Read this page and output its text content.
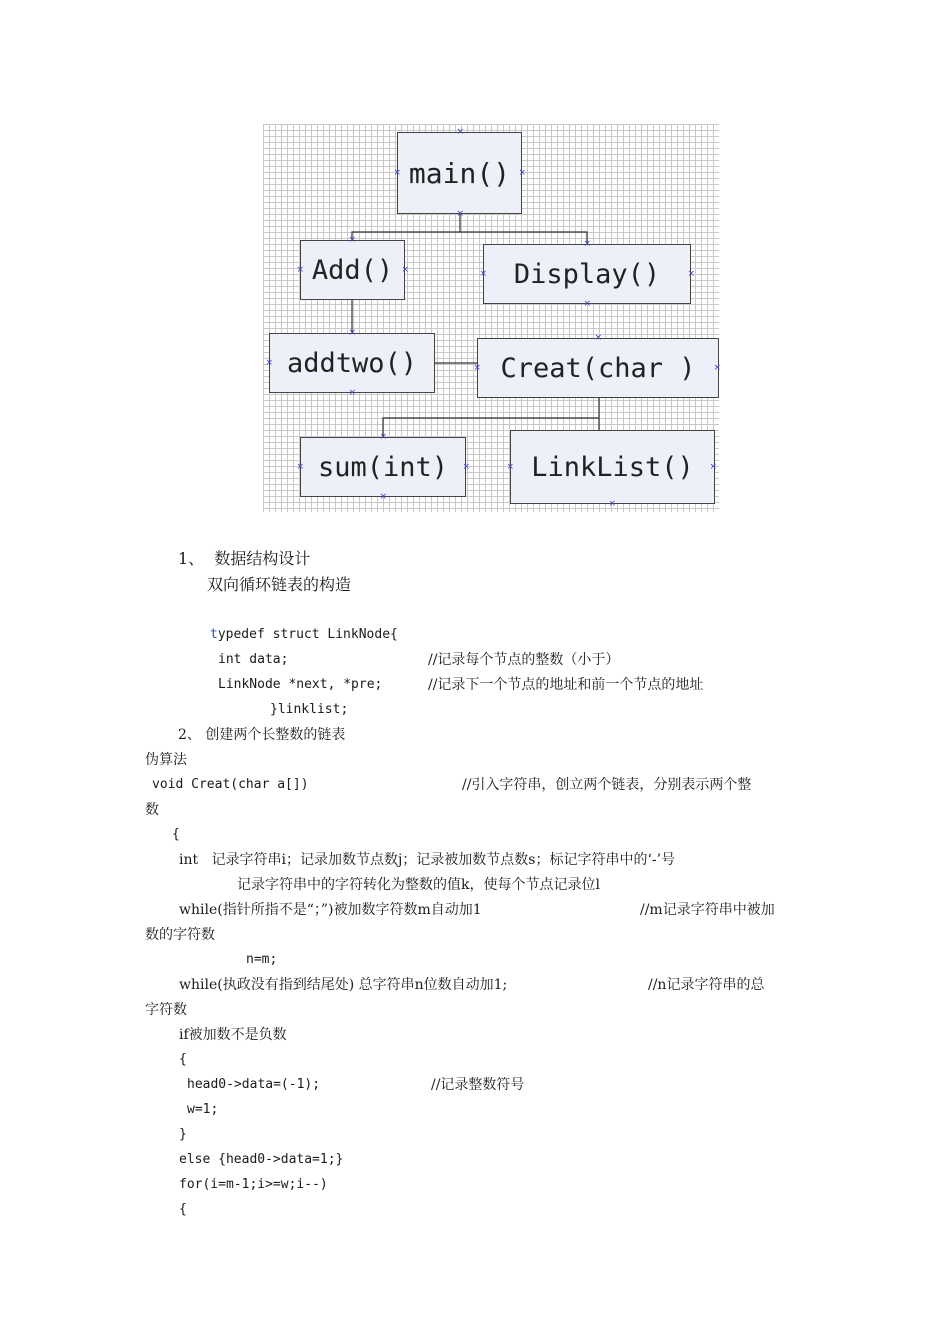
main()
Add()	Display()
addtwo()	Creat(char )
sum(int)	LinkList()
×
×	×
×
×
×	×
×
×	×
×
×
×
×
×
×	×
×
×	×
×
×	×
×
1、 数据结构设计
双向循环链表的构造
typedef struct LinkNode{
int data;	//记录每个节点的整数（小于）
LinkNode *next, *pre;	//记录下一个节点的地址和前一个节点的地址
}linklist;
2、 创建两个长整数的链表
伪算法
void Creat(char a[])	//引入字符串，创立两个链表，分别表示两个整
数
{
int   记录字符串i；记录加数节点数j；记录被加数节点数s；标记字符串中的‘-’号
记录字符串中的字符转化为整数的值k，使每个节点记录位l
while(指针所指不是“；”)被加数字符数m自动加1	//m记录字符串中被加
数的字符数
n=m;
while(执政没有指到结尾处) 总字符串n位数自动加1;	//n记录字符串的总
字符数
if被加数不是负数
{
head0->data=(-1);	//记录整数符号
w=1;
}
else {head0->data=1;}
for(i=m-1;i>=w;i--)
{
